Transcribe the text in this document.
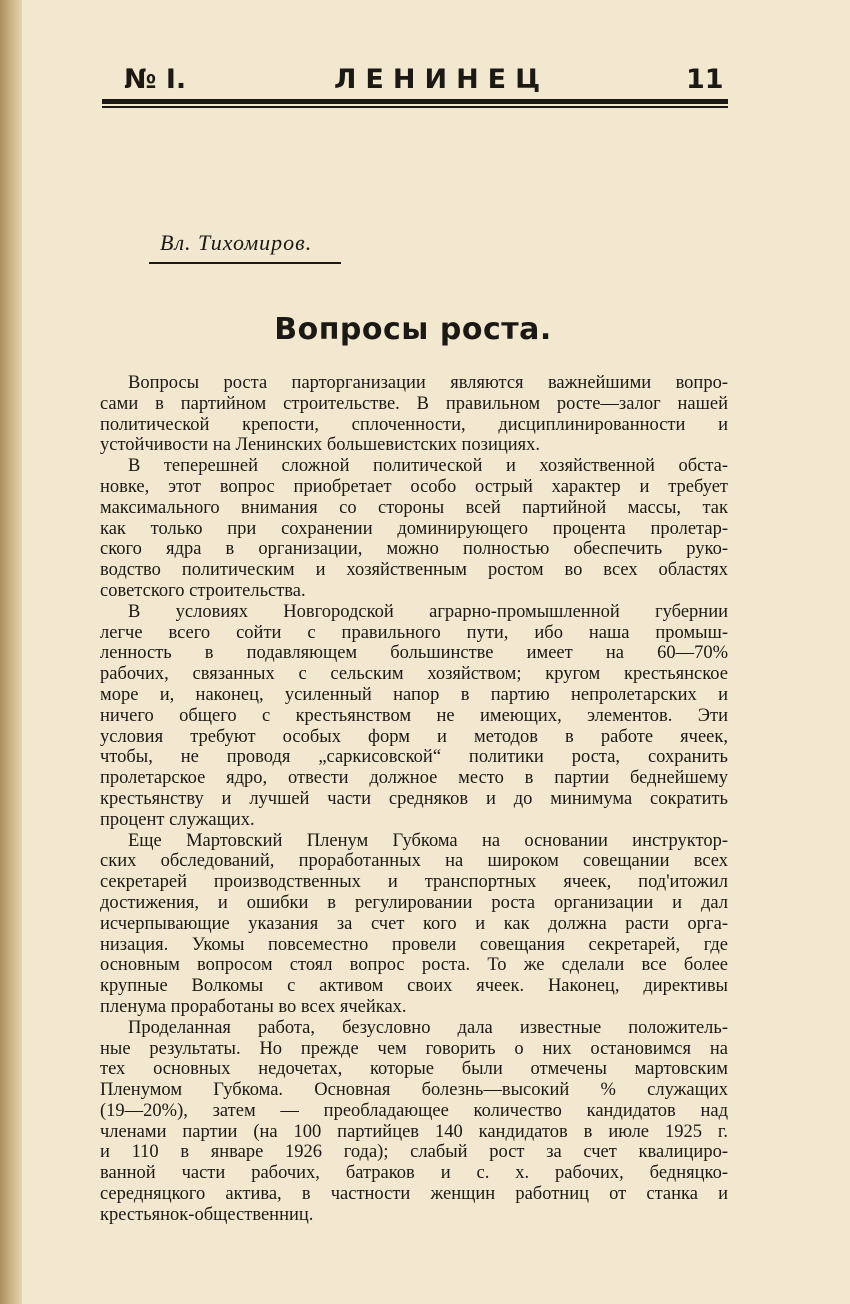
№ I.	ЛЕНИНЕЦ	11
Вл. Тихомиров.
Вопросы роста.
Вопросы роста парторганизации являются важнейшими вопро-
сами в партийном строительстве. В правильном росте—залог нашей
политической крепости, сплоченности, дисциплинированности и
устойчивости на Ленинских большевистских позициях.
В теперешней сложной политической и хозяйственной обста-
новке, этот вопрос приобретает особо острый характер и требует
максимального внимания со стороны всей партийной массы, так
как только при сохранении доминирующего процента пролетар-
ского ядра в организации, можно полностью обеспечить руко-
водство политическим и хозяйственным ростом во всех областях
советского строительства.
В условиях Новгородской аграрно-промышленной губернии
легче всего сойти с правильного пути, ибо наша промыш-
ленность в подавляющем большинстве имеет на 60—70%
рабочих, связанных с сельским хозяйством; кругом крестьянское
море и, наконец, усиленный напор в партию непролетарских и
ничего общего с крестьянством не имеющих, элементов. Эти
условия требуют особых форм и методов в работе ячеек,
чтобы, не проводя „саркисовской“ политики роста, сохранить
пролетарское ядро, отвести должное место в партии беднейшему
крестьянству и лучшей части средняков и до минимума сократить
процент служащих.
Еще Мартовский Пленум Губкома на основании инструктор-
ских обследований, проработанных на широком совещании всех
секретарей производственных и транспортных ячеек, под'итожил
достижения, и ошибки в регулировании роста организации и дал
исчерпывающие указания за счет кого и как должна расти орга-
низация. Укомы повсеместно провели совещания секретарей, где
основным вопросом стоял вопрос роста. То же сделали все более
крупные Волкомы с активом своих ячеек. Наконец, директивы
пленума проработаны во всех ячейках.
Проделанная работа, безусловно дала известные положитель-
ные результаты. Но прежде чем говорить о них остановимся на
тех основных недочетах, которые были отмечены мартовским
Пленумом Губкома. Основная болезнь—высокий % служащих
(19—20%), затем — преобладающее количество кандидатов над
членами партии (на 100 партийцев 140 кандидатов в июле 1925 г.
и 110 в январе 1926 года); слабый рост за счет квалициро-
ванной части рабочих, батраков и с. х. рабочих, бедняцко-
середняцкого актива, в частности женщин работниц от станка и
крестьянок-общественниц.
